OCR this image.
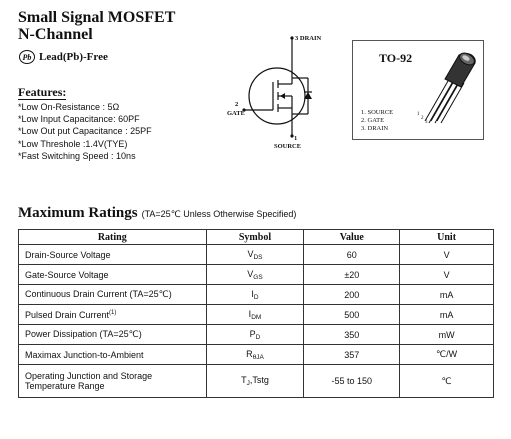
Small Signal MOSFET
N-Channel
Pb Lead(Pb)-Free
Features:
*Low On-Resistance : 5Ω
*Low Input Capacitance: 60PF
*Low Out put Capacitance : 25PF
*Low Threshole :1.4V(TYE)
*Fast Switching Speed : 10ns
3 DRAIN
2
GATE
1
SOURCE
TO-92
1
2
3
1. SOURCE
2. GATE
3. DRAIN
Maximum Ratings (TA=25℃ Unless Otherwise Specified)
Rating	Symbol	Value	Unit
Drain-Source Voltage	$V_{DS}$	60	V
Gate-Source Voltage	$V_{GS}$	±20	V
Continuous Drain Current (TA=25℃)	$I_D$	200	mA
Pulsed Drain Current$^{(1)}$	$I_{DM}$	500	mA
Power Dissipation (TA=25℃)	$P_D$	350	mW
Maximax Junction-to-Ambient	$R_{\theta JA}$	357	℃/W

Operating Junction and Storage
Temperature Range	$T_J,Tstg$	-55 to 150	℃
